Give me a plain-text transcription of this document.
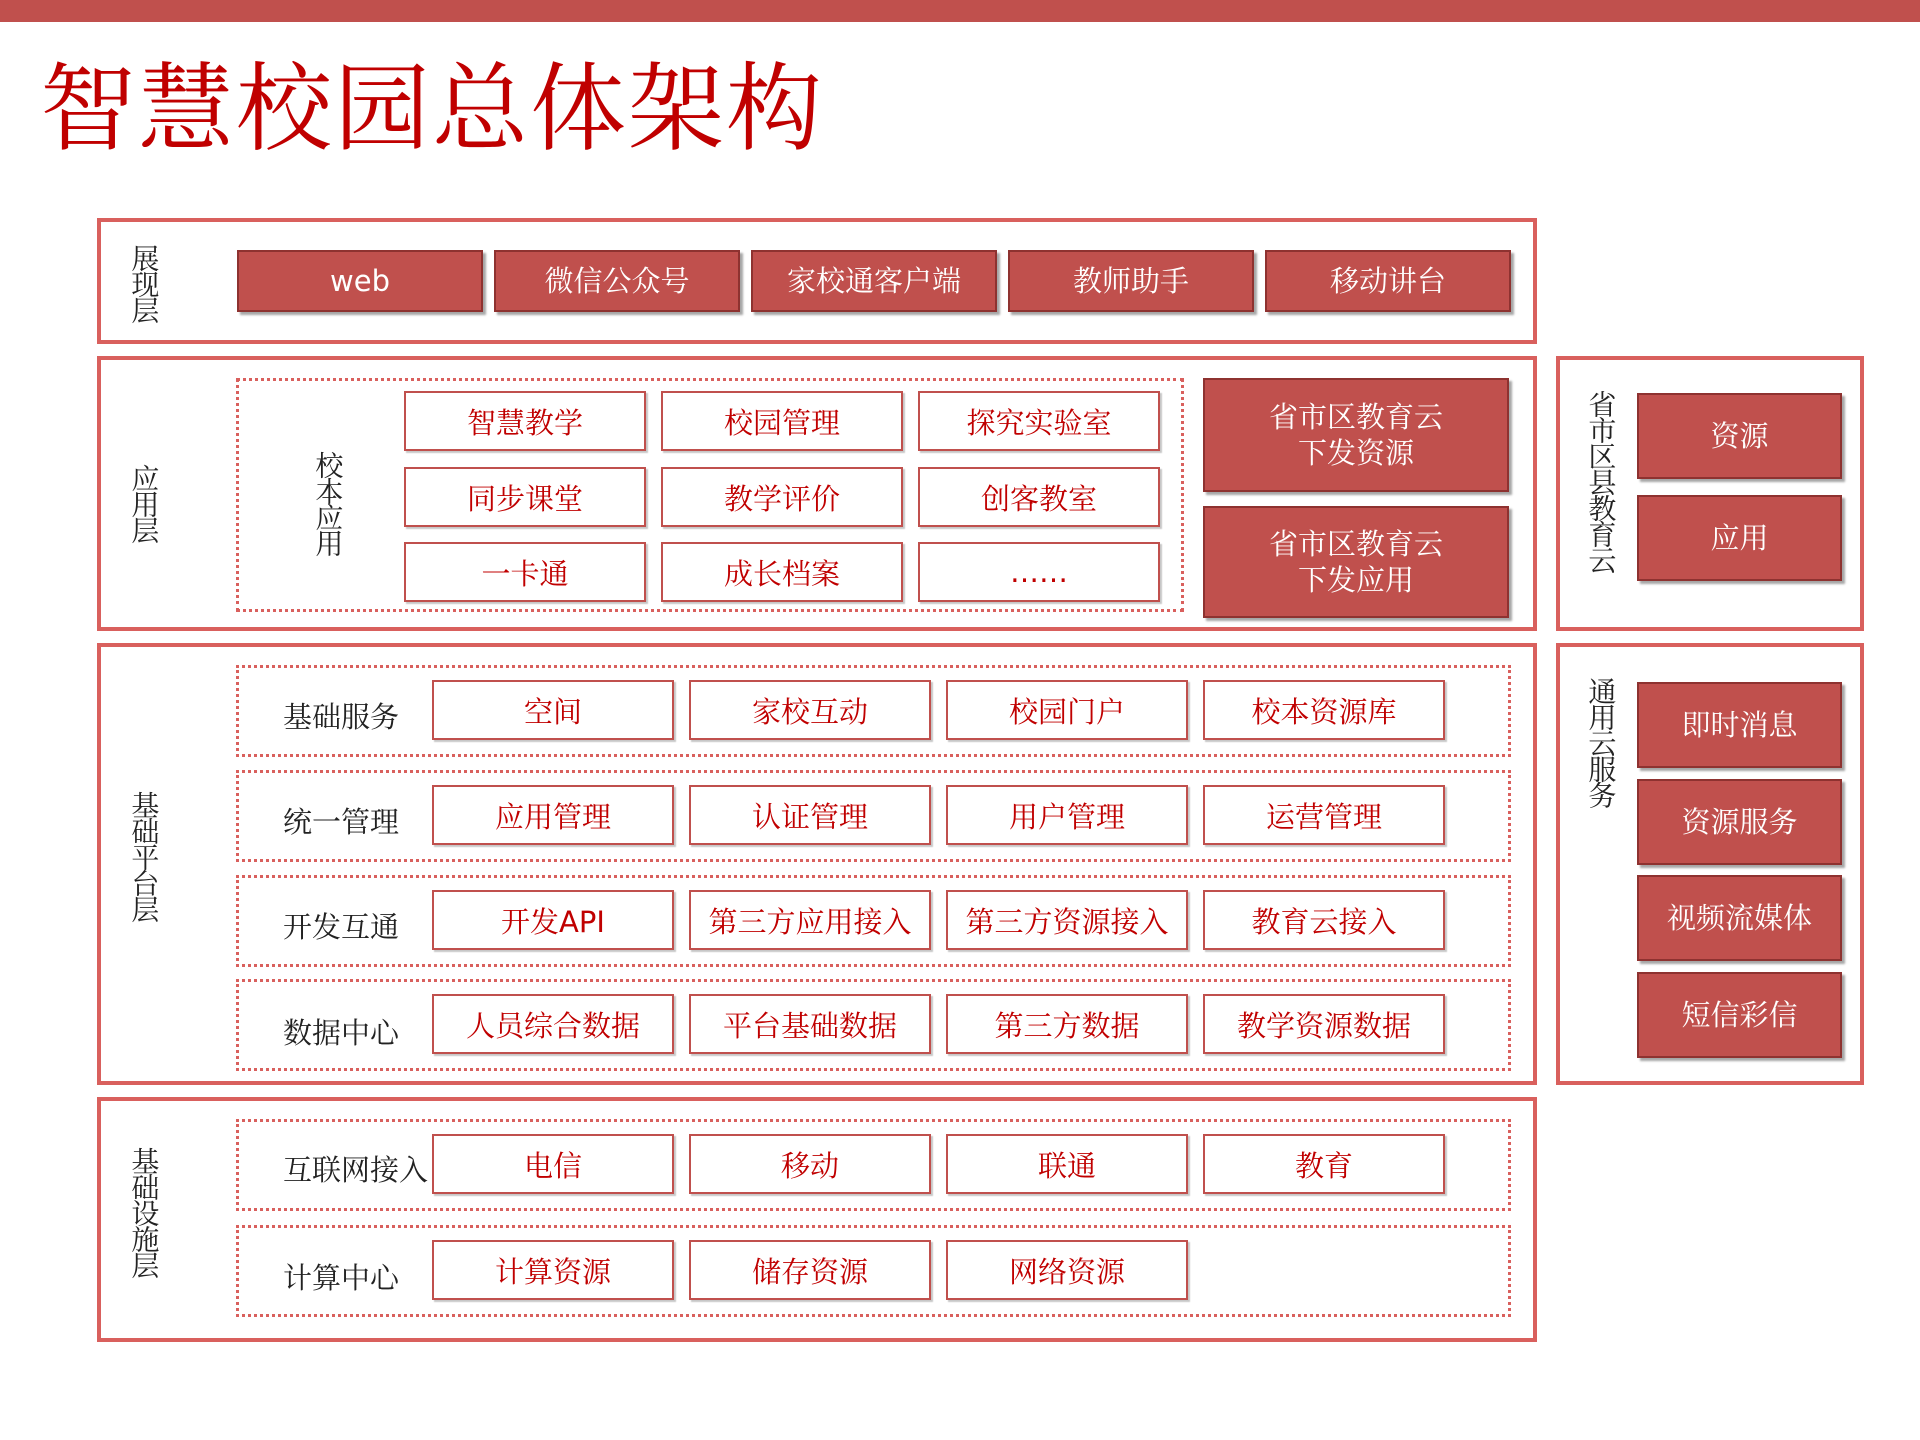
智慧校园总体架构
展现层	web	微信公众号	家校通客户端	教师助手	移动讲台
应用层	校本应用
智慧教学	校园管理	探究实验室
同步课堂	教学评价	创客教室
一卡通	成长档案	……
省市区教育云
下发资源
省市区教育云
下发应用
基础平台层
基础服务	空间	家校互动	校园门户	校本资源库
统一管理	应用管理	认证管理	用户管理	运营管理
开发互通	开发API	第三方应用接入	第三方资源接入	教育云接入
数据中心	人员综合数据	平台基础数据	第三方数据	教学资源数据
基础设施层	互联网接入	电信	移动	联通	教育
计算中心	计算资源	储存资源	网络资源
省市区县教育云	资源
应用
通用云服务	即时消息
资源服务
视频流媒体
短信彩信
